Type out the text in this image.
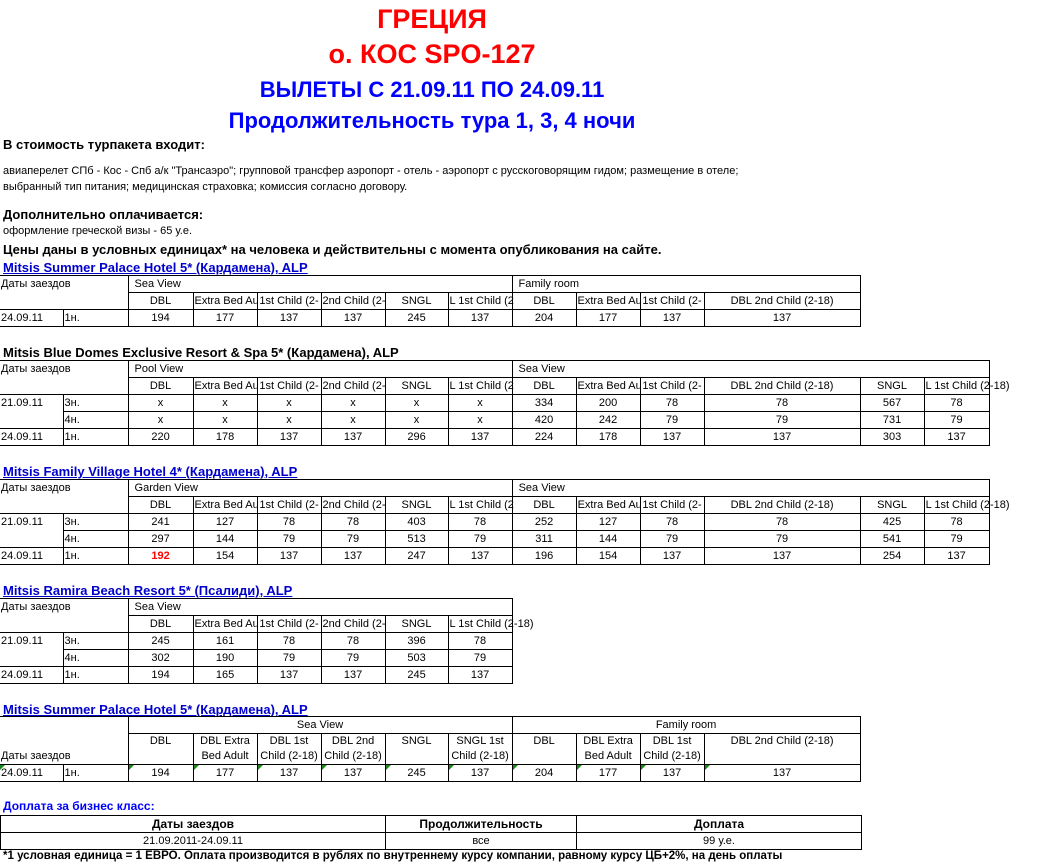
ГРЕЦИЯ
о. КОС SPO-127
ВЫЛЕТЫ С 21.09.11 ПО 24.09.11
Продолжительность тура 1, 3, 4 ночи
В стоимость турпакета входит:
авиаперелет СПб - Кос - Спб а/к "Трансаэро"; групповой трансфер аэропорт - отель - аэропорт с русскоговорящим гидом; размещение в отеле;
выбранный тип питания; медицинская страховка; комиссия согласно договору.
Дополнительно оплачивается:
оформление греческой визы - 65 у.е.
Цены даны в условных единицах* на человека и действительны с момента опубликования на сайте.
Mitsis Summer Palace Hotel 5* (Кардамена), ALP
Даты заездов		Sea View						Family room			
		DBL	Extra Bed Au	1st Child (2-	2nd Child (2-	SNGL	L 1st Child (2	DBL	Extra Bed Au	1st Child (2-	DBL 2nd Child (2-18)
24.09.11	1н.	194	177	137	137	245	137	204	177	137	137
Mitsis Blue Domes Exclusive Resort & Spa 5* (Кардамена), ALP
Даты заездов		Pool View						Sea View					
		DBL	Extra Bed Au	1st Child (2-	2nd Child (2-	SNGL	L 1st Child (2	DBL	Extra Bed Au	1st Child (2-	DBL 2nd Child (2-18)	SNGL	L 1st Child (2-18)
21.09.11	3н.	x	x	x	x	x	x	334	200	78	78	567	78
	4н.	x	x	x	x	x	x	420	242	79	79	731	79
24.09.11	1н.	220	178	137	137	296	137	224	178	137	137	303	137
Mitsis Family Village Hotel 4* (Кардамена), ALP
Даты заездов		Garden View						Sea View					
		DBL	Extra Bed Au	1st Child (2-	2nd Child (2-	SNGL	L 1st Child (2	DBL	Extra Bed Au	1st Child (2-	DBL 2nd Child (2-18)	SNGL	L 1st Child (2-18)
21.09.11	3н.	241	127	78	78	403	78	252	127	78	78	425	78
	4н.	297	144	79	79	513	79	311	144	79	79	541	79
24.09.11	1н.	192	154	137	137	247	137	196	154	137	137	254	137
Mitsis Ramira Beach Resort 5* (Псалиди), ALP
Даты заездов		Sea View					
		DBL	Extra Bed Au	1st Child (2-	2nd Child (2-	SNGL	L 1st Child (2-18)
21.09.11	3н.	245	161	78	78	396	78
	4н.	302	190	79	79	503	79
24.09.11	1н.	194	165	137	137	245	137
Mitsis Summer Palace Hotel 5* (Кардамена), ALP
Даты заездов		Sea View						Family room			
		DBL	DBL Extra Bed Adult	DBL 1st Child (2-18)	DBL 2nd Child (2-18)	SNGL	SNGL 1st Child (2-18)	DBL	DBL Extra Bed Adult	DBL 1st Child (2-18)	DBL 2nd Child (2-18)
24.09.11	1н.	194	177	137	137	245	137	204	177	137	137
Доплата за бизнес класс:
Даты заездов	Продолжительность	Доплата
21.09.2011-24.09.11	все	99 у.е.
*1 условная единица = 1 ЕВРО. Оплата производится в рублях по внутреннему курсу компании, равному курсу ЦБ+2%, на день оплаты
